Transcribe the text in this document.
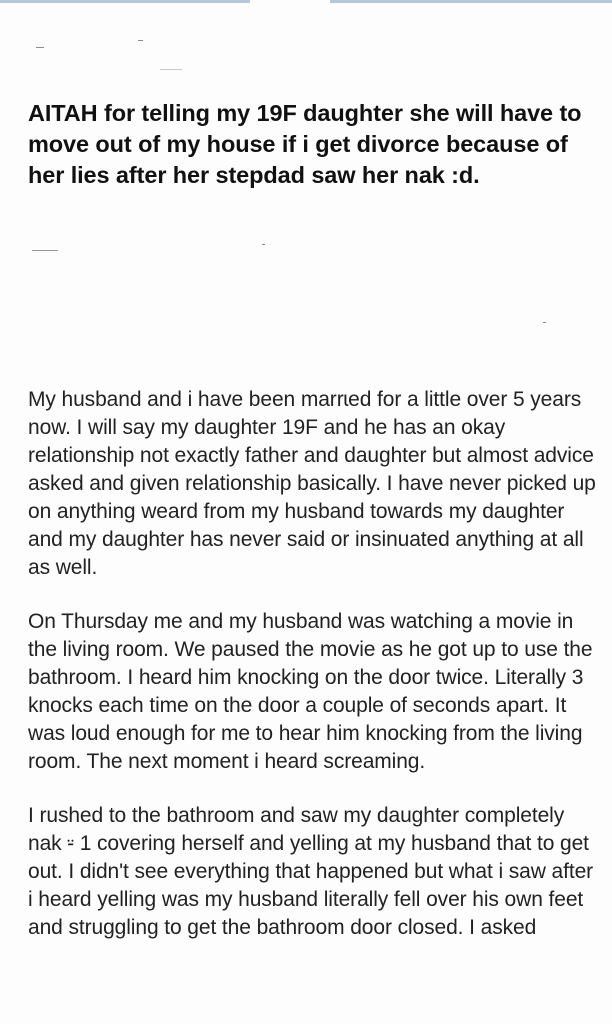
AITAH for telling my 19F daughter she will have to move out of my house if i get divorce because of her lies after her stepdad saw her nak :d.

My husband and i have been marrɩed for a little over 5 years now. I will say my daughter 19F and he has an okay relationship not exactly father and daughter but almost advice asked and given relationship basically. I have never picked up on anything weard from my husband towards my daughter and my daughter has never said or insinuated anything at all as well.

On Thursday me and my husband was watching a movie in the living room. We paused the movie as he got up to use the bathroom. I heard him knocking on the door twice. Literally 3 knocks each time on the door a couple of seconds apart. It was loud enough for me to hear him knocking from the living room. The next moment i heard screaming.

I rushed to the bathroom and saw my daughter completely nak ⸚ 1 covering herself and yelling at my husband that to get out. I didn't see everything that happened but what i saw after i heard yelling was my husband literally fell over his own feet and struggling to get the bathroom door closed. I asked
